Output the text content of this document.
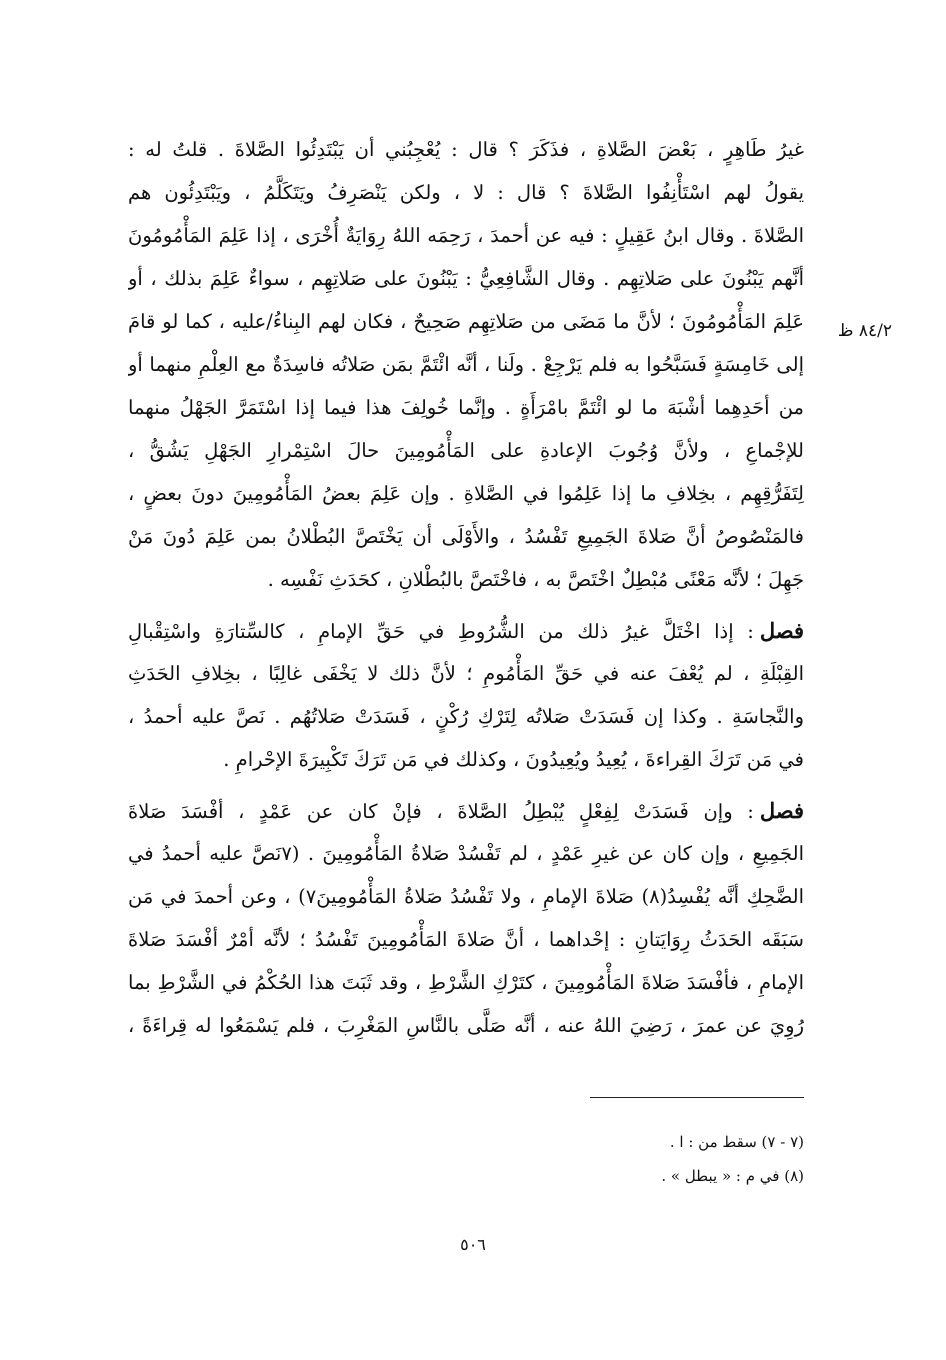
٨٤/٢ ظ
غيرُ طَاهِرٍ ، بَعْضَ الصَّلاةِ ، فذَكَرَ ؟ قال : يُعْجِبُني أن يَبْتَدِئُوا الصَّلاةَ . قلتُ له :
يقولُ لهم اسْتَأْنِفُوا الصَّلاةَ ؟ قال : لا ، ولكن يَنْصَرِفُ ويَتَكَلَّمُ ، ويَبْتَدِئُون هم
الصَّلاةَ . وقال ابنُ عَقِيلٍ : فيه عن أحمدَ ، رَحِمَه اللهُ رِوَايَةٌ أُخْرَى ، إذا عَلِمَ المَأْمُومُونَ
أنَّهم يَبْنُونَ على صَلاتِهِم . وقال الشَّافِعِيُّ : يَبْنُونَ على صَلاتِهِم ، سواءٌ عَلِمَ بذلك ، أو
عَلِمَ المَأْمُومُونَ ؛ لأنَّ ما مَضَى من صَلاتِهِم صَحِيحٌ ، فكان لهم البِناءُ/عليه ، كما لو قامَ
إلى خَامِسَةٍ فَسَبَّحُوا به فلم يَرْجِعْ . ولَنا ، أنَّه ائْتَمَّ بمَن صَلاتُه فاسِدَةٌ مع العِلْمِ منهما أو
من أحَدِهِما أشْبَهَ ما لو ائْتَمَّ بامْرَأَةٍ . وإنَّما خُولِفَ هذا فيما إذا اسْتَمَرَّ الجَهْلُ منهما
للإجْماعِ ، ولأنَّ وُجُوبَ الإعادةِ على المَأْمُومِينَ حالَ اسْتِمْرارِ الجَهْلِ يَشُقُّ ،
لِتَفَرُّقِهِم ، بخِلافِ ما إذا عَلِمُوا في الصَّلاةِ . وإن عَلِمَ بعضُ المَأْمُومِينَ دونَ بعضٍ ،
فالمَنْصُوصُ أنَّ صَلاةَ الجَمِيعِ تَفْسُدُ ، والأَوْلَى أن يَخْتَصَّ البُطْلانُ بمن عَلِمَ دُونَ مَنْ
جَهِلَ ؛ لأنَّه مَعْنًى مُبْطِلٌ اخْتَصَّ به ، فاخْتَصَّ بالبُطْلانِ ، كحَدَثِ نَفْسِه .
فصل: إذا اخْتَلَّ غيرُ ذلك من الشُّرُوطِ في حَقِّ الإمامِ ، كالسِّتارَةِ واسْتِقْبالِ
القِبْلَةِ ، لم يُعْفَ عنه في حَقِّ المَأْمُومِ ؛ لأنَّ ذلك لا يَخْفَى غالِبًا ، بخِلافِ الحَدَثِ
والنَّجاسَةِ . وكذا إن فَسَدَتْ صَلاتُه لِتَرْكِ رُكْنٍ ، فَسَدَتْ صَلاتُهُم . نَصَّ عليه أحمدُ ،
في مَن تَرَكَ القِراءةَ ، يُعِيدُ ويُعِيدُونَ ، وكذلك في مَن تَرَكَ تَكْبِيرَةَ الإحْرامِ .
فصل: وإن فَسَدَتْ لِفِعْلٍ يُبْطِلُ الصَّلاةَ ، فإنْ كان عن عَمْدٍ ، أفْسَدَ صَلاةَ
الجَمِيعِ ، وإن كان عن غيرِ عَمْدٍ ، لم تَفْسُدْ صَلاةُ المَأْمُومِينَ . (٧نَصَّ عليه أحمدُ في
الضَّحِكِ أنَّه يُفْسِدُ(٨) صَلاةَ الإمامِ ، ولا تَفْسُدُ صَلاةُ المَأْمُومِينَ٧) ، وعن أحمدَ في مَن
سَبَقَه الحَدَثُ رِوَايَتانِ : إحْداهما ، أنَّ صَلاةَ المَأْمُومِينَ تَفْسُدُ ؛ لأنَّه أمْرٌ أفْسَدَ صَلاةَ
الإمامِ ، فأفْسَدَ صَلاةَ المَأْمُومِينَ ، كتَرْكِ الشَّرْطِ ، وقد ثَبَتَ هذا الحُكْمُ في الشَّرْطِ بما
رُوِيَ عن عمرَ ، رَضِيَ اللهُ عنه ، أنَّه صَلَّى بالنَّاسِ المَغْرِبَ ، فلم يَسْمَعُوا له قِراءَةً ،
(٧ - ٧) سقط من : ا .
(٨) في م : « يبطل » .
٥٠٦
